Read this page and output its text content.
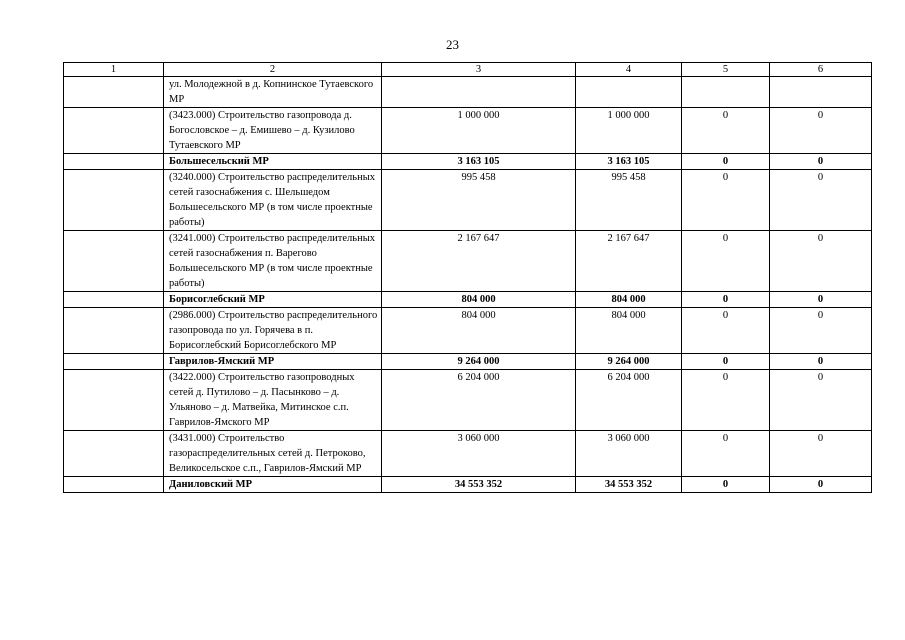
23
1	2	3	4	5	6
	ул. Молодежной в д. Копнинское Тутаевского МР				
	(3423.000) Строительство газопровода д. Богословское – д. Емишево – д. Кузилово Тутаевского МР	1 000 000	1 000 000	0	0
	Большесельский МР	3 163 105	3 163 105	0	0
	(3240.000) Строительство распределительных сетей газоснабжения с. Шельшедом Большесельского МР (в том числе проектные работы)	995 458	995 458	0	0
	(3241.000) Строительство распределительных сетей газоснабжения п. Варегово Большесельского МР (в том числе проектные работы)	2 167 647	2 167 647	0	0
	Борисоглебский МР	804 000	804 000	0	0
	(2986.000) Строительство распределительного газопровода по ул. Горячева в п. Борисоглебский Борисоглебского МР	804 000	804 000	0	0
	Гаврилов-Ямский МР	9 264 000	9 264 000	0	0
	(3422.000) Строительство газопроводных сетей д. Путилово – д. Пасынково – д. Ульяново – д. Матвейка, Митинское с.п. Гаврилов-Ямского МР	6 204 000	6 204 000	0	0
	(3431.000) Строительство газораспределительных сетей д. Петроково, Великосельское с.п., Гаврилов-Ямский МР	3 060 000	3 060 000	0	0
	Даниловский МР	34 553 352	34 553 352	0	0
